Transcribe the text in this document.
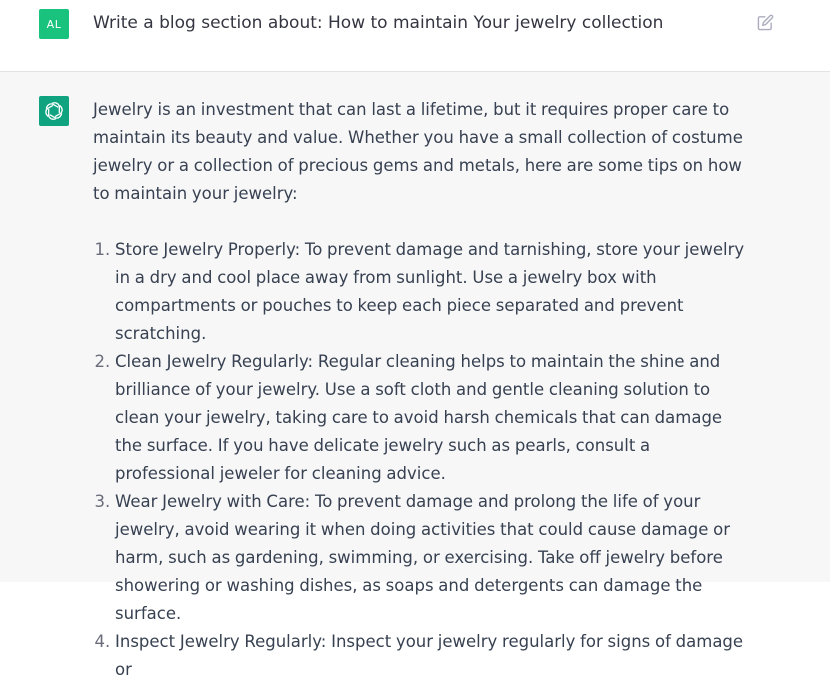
AL	Write a blog section about: How to maintain Your jewelry collection

Jewelry is an investment that can last a lifetime, but it requires proper care to maintain its beauty and value. Whether you have a small collection of costume jewelry or a collection of precious gems and metals, here are some tips on how to maintain your jewelry:

1. Store Jewelry Properly: To prevent damage and tarnishing, store your jewelry in a dry and cool place away from sunlight. Use a jewelry box with compartments or pouches to keep each piece separated and prevent scratching.
2. Clean Jewelry Regularly: Regular cleaning helps to maintain the shine and brilliance of your jewelry. Use a soft cloth and gentle cleaning solution to clean your jewelry, taking care to avoid harsh chemicals that can damage the surface. If you have delicate jewelry such as pearls, consult a professional jeweler for cleaning advice.
3. Wear Jewelry with Care: To prevent damage and prolong the life of your jewelry, avoid wearing it when doing activities that could cause damage or harm, such as gardening, swimming, or exercising. Take off jewelry before showering or washing dishes, as soaps and detergents can damage the surface.
4. Inspect Jewelry Regularly: Inspect your jewelry regularly for signs of damage or
